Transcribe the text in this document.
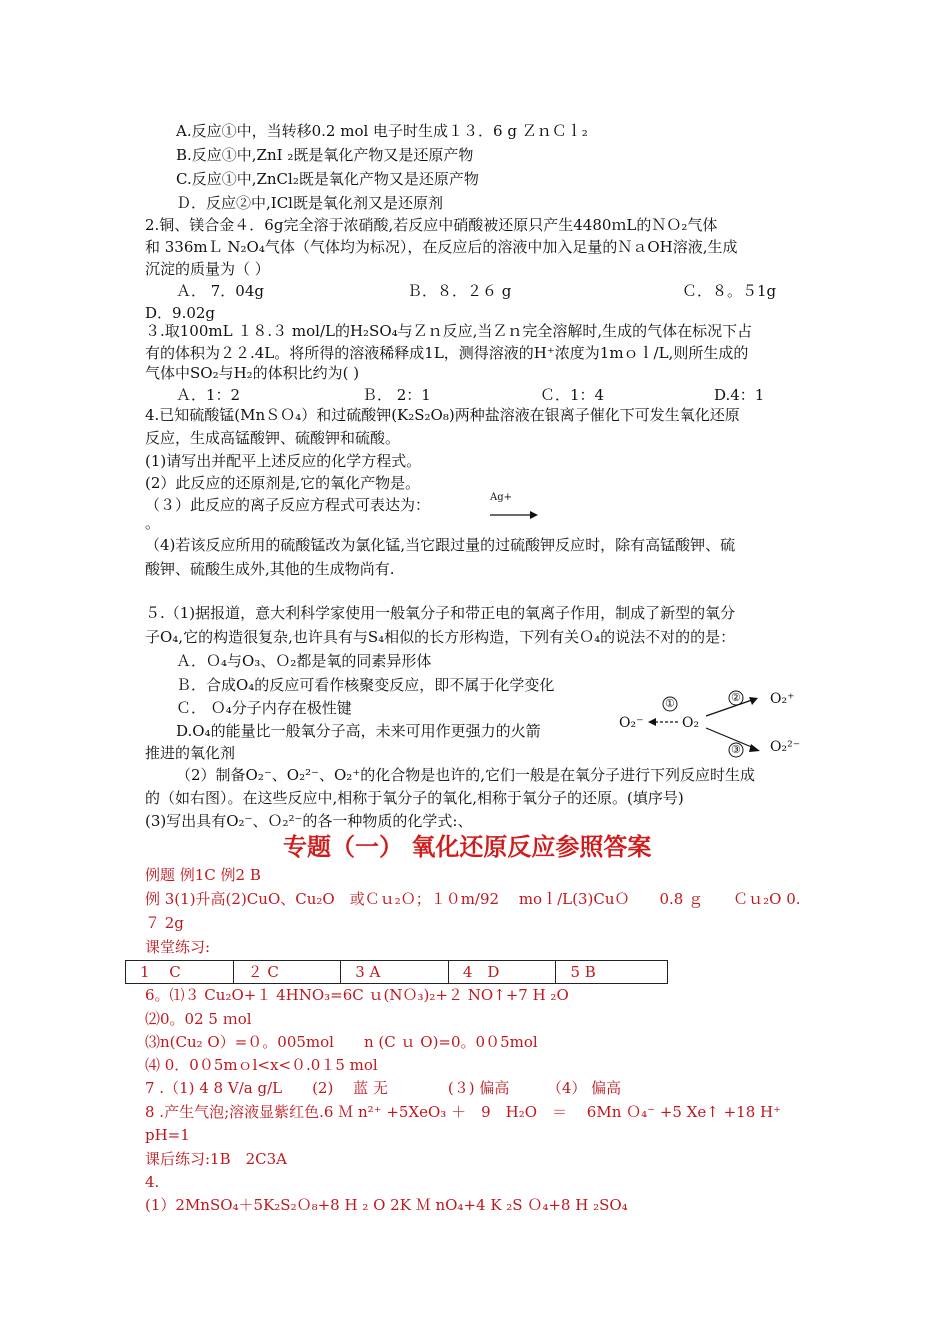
A.反应①中，当转移0.2 mol 电子时生成１３．6 g ＺｎＣｌ₂
B.反应①中,ZnI ₂既是氧化产物又是还原产物
C.反应①中,ZnCl₂既是氧化产物又是还原产物
Ｄ．反应②中,ICl既是氧化剂又是还原剂
2.铜、镁合金４．6g完全溶于浓硝酸,若反应中硝酸被还原只产生4480ｍL的ＮＯ₂气体
和 336mＬ N₂O₄气体（气体均为标况），在反应后的溶液中加入足量的ＮａOH溶液,生成
沉淀的质量为（ ）
Ａ． 7．04g	Ｂ．８．２６ g	Ｃ．８。５1g
D．9.02g
３.取100mL １８.３ mol/L的H₂SO₄与Ｚｎ反应,当Ｚｎ完全溶解时,生成的气体在标况下占
有的体积为２２.4L。将所得的溶液稀释成1L，测得溶液的H⁺浓度为1mｏｌ/L,则所生成的
气体中SO₂与H₂的体积比约为( )
Ａ．1：2	Ｂ． 2：1	Ｃ．1：4	D.4：1
4.已知硫酸锰(MnＳＯ₄）和过硫酸钾(K₂S₂O₈)两种盐溶液在银离子催化下可发生氧化还原
反应，生成高锰酸钾、硫酸钾和硫酸。
(1)请写出并配平上述反应的化学方程式。
(2）此反应的还原剂是,它的氧化产物是。
（３）此反应的离子反应方程式可表达为：	Ag+
。
（4)若该反应所用的硫酸锰改为氯化锰,当它跟过量的过硫酸钾反应时，除有高锰酸钾、硫
酸钾、硫酸生成外,其他的生成物尚有.
５.（1)据报道，意大利科学家使用一般氧分子和带正电的氧离子作用，制成了新型的氧分
子O₄,它的构造很复杂,也许具有与S₄相似的长方形构造，下列有关Ｏ₄的说法不对的的是：
Ａ．Ｏ₄与O₃、Ｏ₂都是氧的同素异形体
Ｂ．合成O₄的反应可看作核聚变反应，即不属于化学变化
Ｃ． Ｏ₄分子内存在极性键
D.O₄的能量比一般氧分子高，未来可用作更强力的火箭
推进的氧化剂
（2）制备O₂⁻、O₂²⁻、O₂⁺的化合物是也许的,它们一般是在氧分子进行下列反应时生成
的（如右图）。在这些反应中,相称于氧分子的氧化,相称于氧分子的还原。(填序号)
(3)写出具有O₂⁻、Ｏ₂²⁻的各一种物质的化学式:、
O₂⁻	O₂
O₂⁺
O₂²⁻
①	②
③
专题（一） 氧化还原反应参照答案
例题 例1C 例2 B
例 3(1)升高(2)CuO、Cu₂O　或Ｃｕ₂Ｏ；１０m/92　 moｌ/L(3)CuＯ　　0.8 ｇ　　Ｃｕ₂O 0.
７ 2g
课堂练习:
1　 C	２ C	3 A	4　D	5 B
6。⑴３ Cu₂O+１ 4HNO₃=6C ｕ(NＯ₃)₂+２ NO↑+7 H ₂O
⑵0。02 5 ｍol
⑶n(Cu₂ O）=０。005mol　　n (C ｕ O)=0。0０5mol
⑷ 0．0０5mｏl<x<０.0１5 mol
7 .（1) 4 8 V/a g/L　　(2)　 蓝 无　　　　(３) 偏高　　　（4） 偏高
8 .产生气泡;溶液显紫红色.6 Ｍ n²⁺ +5XeO₃ ＋　9　H₂O　＝　 6Mn Ｏ₄⁻ +5 Xe↑ +18 H⁺
pH=1
课后练习:1B　2C3A
4.
(1）2MnSO₄＋5K₂S₂Ｏ₈+8 H ₂ O 2K Ｍ nO₄+4 K ₂S Ｏ₄+8 H ₂SO₄
